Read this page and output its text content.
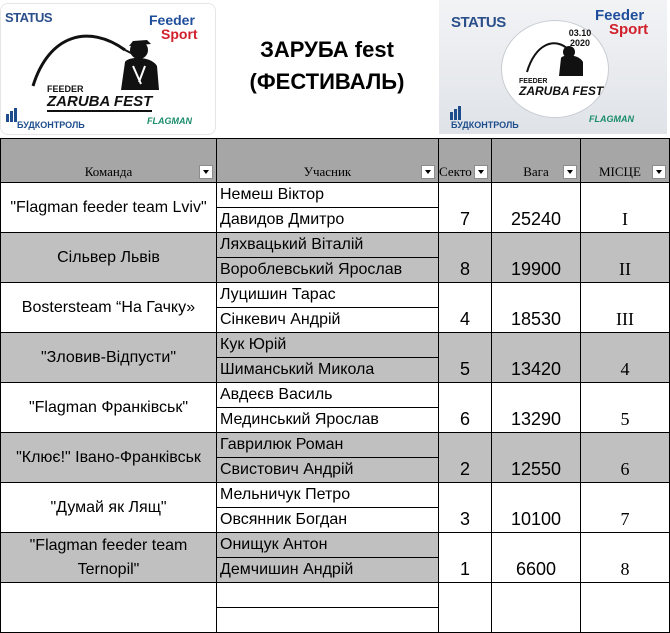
STATUS	Feeder
Sport
FEEDER
ZARUBA FEST
БУДКОНТРОЛЬ	FLAGMAN
ЗАРУБА fest
(ФЕСТИВАЛЬ)
STATUS	Feeder
Sport
03.10
2020
FEEDER
ZARUBA FEST
БУДКОНТРОЛЬ
FLAGMAN
Команда	Учасник	Секто	Вага	МІСЦЕ

"Flagman feeder team Lviv"	Немеш Віктор	7	25240	I
	Давидов Дмитро			
Сільвер Львів	Ляхвацький Віталій	8	19900	II
	Вороблевський Ярослав			
Bostersteam “На Гачку»	Луцишин Тарас	4	18530	III
	Сінкевич Андрій			
"Зловив-Відпусти"	Кук Юрій	5	13420	4
	Шиманський Микола			
"Flagman Франківськ"	Авдеєв Василь	6	13290	5
	Мединський Ярослав			
"Клює!" Івано-Франківськ	Гаврилюк Роман	2	12550	6
	Свистович Андрій			
"Думай як Лящ"	Мельничук Петро	3	10100	7
	Овсянник Богдан			
"Flagman feeder team Ternopil"	Онищук Антон	1	6600	8
	Демчишин Андрій			
